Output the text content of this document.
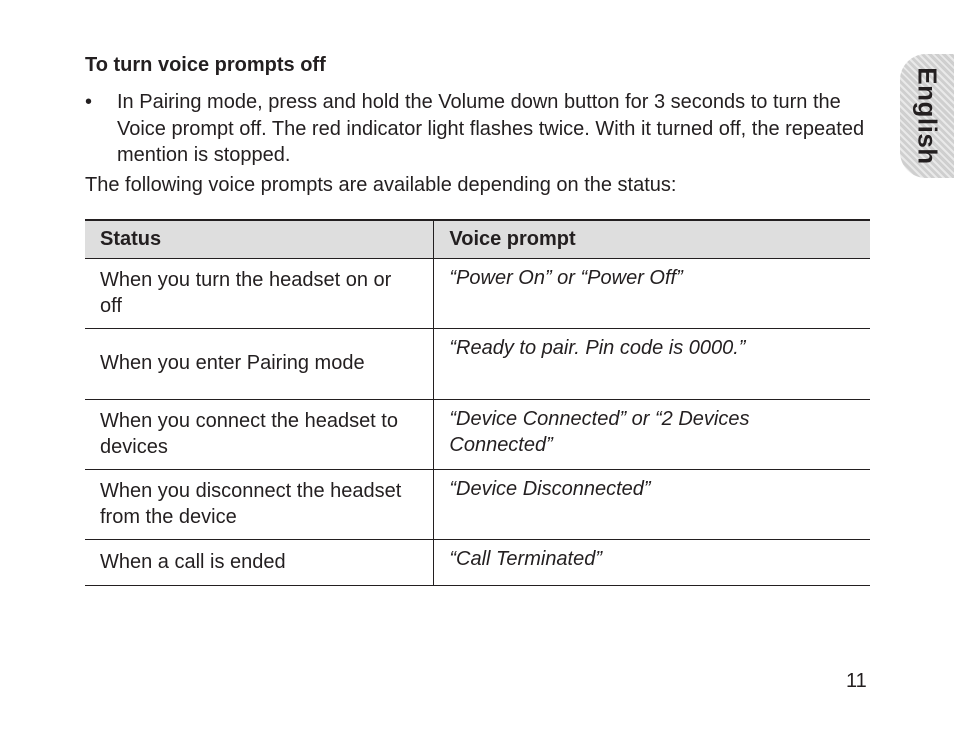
To turn voice prompts off
• In Pairing mode, press and hold the Volume down button for 3 seconds to turn the Voice prompt off. The red indicator light flashes twice. With it turned off, the repeated mention is stopped.
The following voice prompts are available depending on the status:
Status	Voice prompt
When you turn the headset on or off	“Power On” or “Power Off”
When you enter Pairing mode	“Ready to pair. Pin code is 0000.”
When you connect the headset to devices	“Device Connected” or “2 Devices Connected”
When you disconnect the headset from the device	“Device Disconnected”
When a call is ended	“Call Terminated”
English
11
